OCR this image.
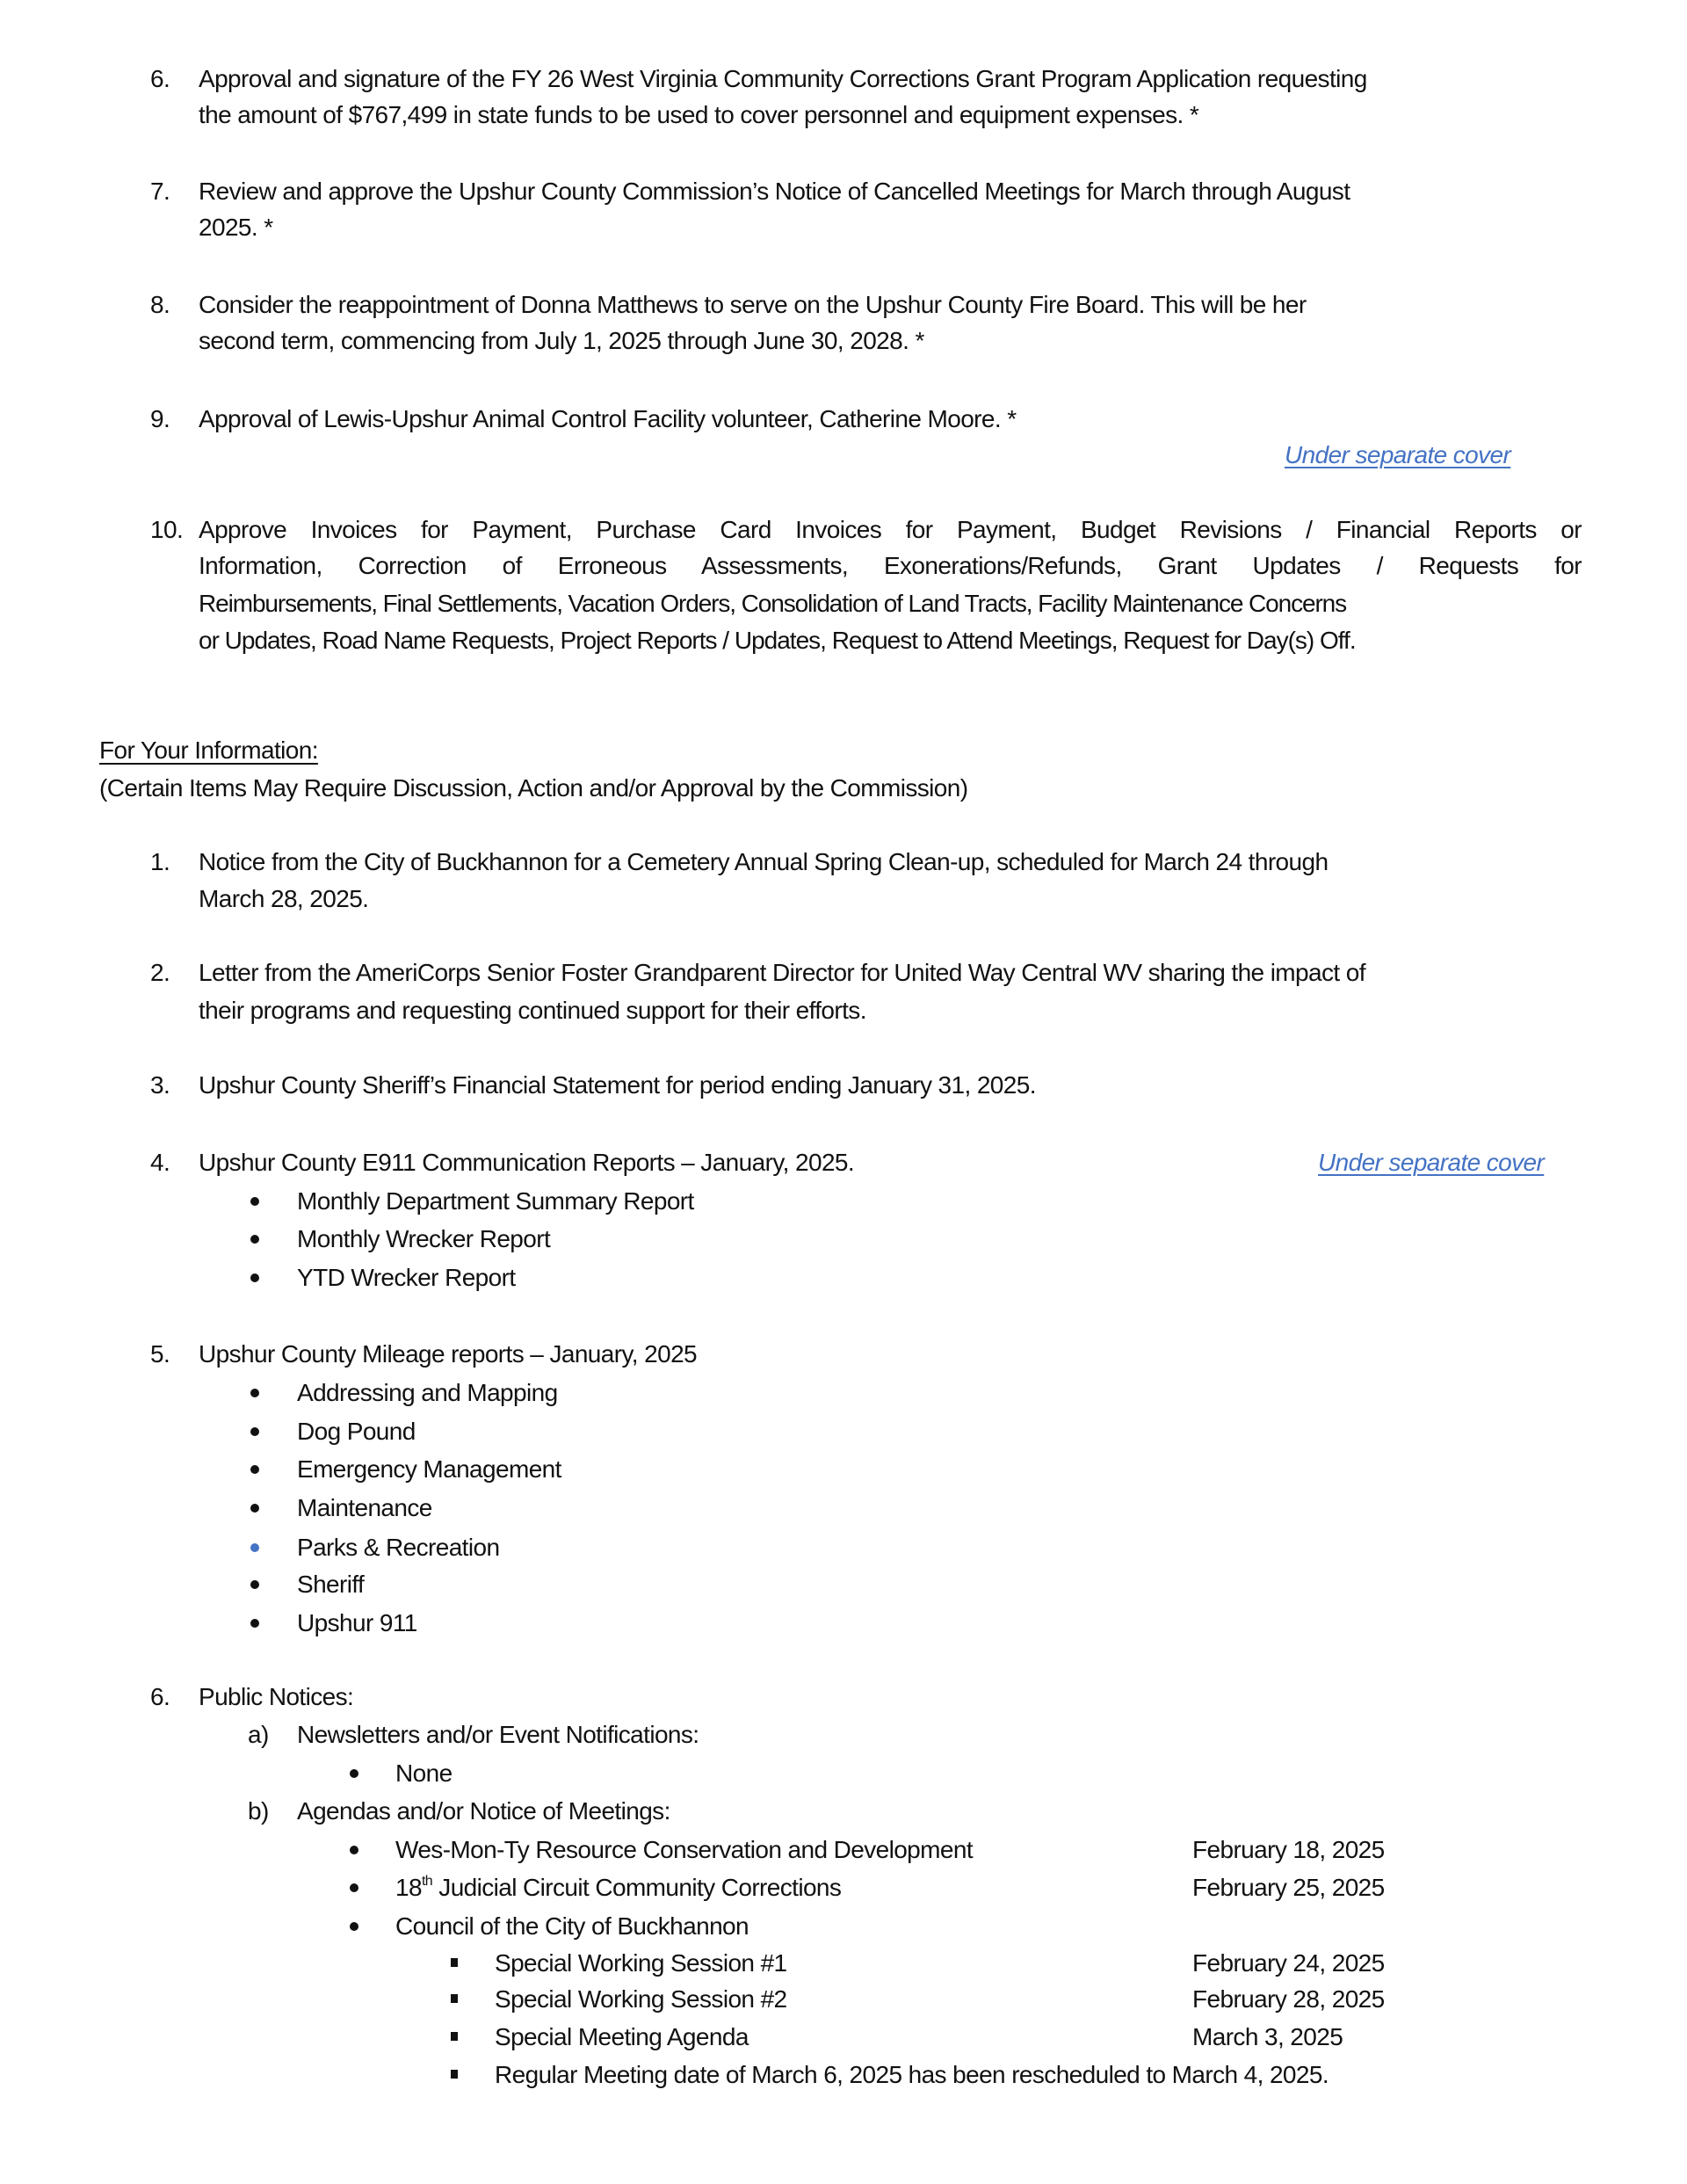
6. Approval and signature of the FY 26 West Virginia Community Corrections Grant Program Application requesting
the amount of $767,499 in state funds to be used to cover personnel and equipment expenses. *
7. Review and approve the Upshur County Commission’s Notice of Cancelled Meetings for March through August
2025. *
8. Consider the reappointment of Donna Matthews to serve on the Upshur County Fire Board. This will be her
second term, commencing from July 1, 2025 through June 30, 2028. *
9. Approval of Lewis-Upshur Animal Control Facility volunteer, Catherine Moore. *
Under separate cover
10. Approve Invoices for Payment, Purchase Card Invoices for Payment, Budget Revisions / Financial Reports or
Information, Correction of Erroneous Assessments, Exonerations/Refunds, Grant Updates / Requests for
Reimbursements, Final Settlements, Vacation Orders, Consolidation of Land Tracts, Facility Maintenance Concerns
or Updates, Road Name Requests, Project Reports / Updates, Request to Attend Meetings, Request for Day(s) Off.
For Your Information:
(Certain Items May Require Discussion, Action and/or Approval by the Commission)
1. Notice from the City of Buckhannon for a Cemetery Annual Spring Clean-up, scheduled for March 24 through
March 28, 2025.
2. Letter from the AmeriCorps Senior Foster Grandparent Director for United Way Central WV sharing the impact of
their programs and requesting continued support for their efforts.
3. Upshur County Sheriff’s Financial Statement for period ending January 31, 2025.
4. Upshur County E911 Communication Reports – January, 2025.	Under separate cover
Monthly Department Summary Report
Monthly Wrecker Report
YTD Wrecker Report
5. Upshur County Mileage reports – January, 2025
Addressing and Mapping
Dog Pound
Emergency Management
Maintenance
Parks & Recreation
Sheriff
Upshur 911
6. Public Notices:
a) Newsletters and/or Event Notifications:
None
b) Agendas and/or Notice of Meetings:
Wes-Mon-Ty Resource Conservation and Development	February 18, 2025
18th Judicial Circuit Community Corrections	February 25, 2025
Council of the City of Buckhannon
Special Working Session #1	February 24, 2025
Special Working Session #2	February 28, 2025
Special Meeting Agenda	March 3, 2025
Regular Meeting date of March 6, 2025 has been rescheduled to March 4, 2025.
